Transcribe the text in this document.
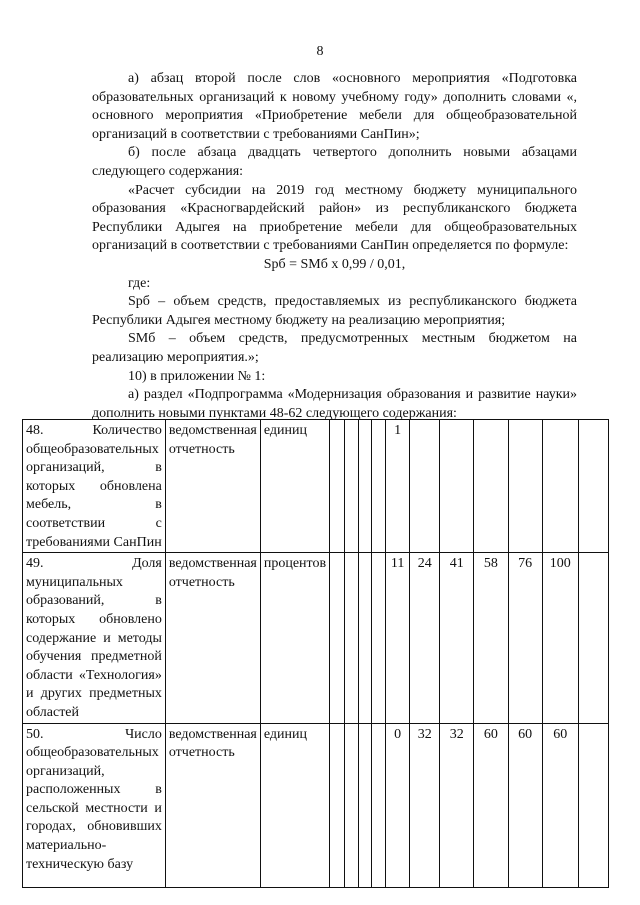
8

а) абзац второй после слов «основного мероприятия «Подготовка образовательных организаций к новому учебному году» дополнить словами «, основного мероприятия «Приобретение мебели для общеобразовательной организаций в соответствии с требованиями СанПин»;

б) после абзаца двадцать четвертого дополнить новыми абзацами следующего содержания:

«Расчет субсидии на 2019 год местному бюджету муниципального образования «Красногвардейский район» из республиканского бюджета Республики Адыгея на приобретение мебели для общеобразовательных организаций в соответствии с требованиями СанПин определяется по формуле:

Sрб = SМб х 0,99 / 0,01,

где:

Sрб – объем средств, предоставляемых из республиканского бюджета Республики Адыгея местному бюджету на реализацию мероприятия;

SМб – объем средств, предусмотренных местным бюджетом на реализацию мероприятия.»;

10) в приложении № 1:

а) раздел «Подпрограмма «Модернизация образования и развитие науки» дополнить новыми пунктами 48-62 следующего содержания:

48. Количество общеобразовательных организаций, в которых обновлена мебель, в соответствии с требованиями СанПин	ведомственная отчетность	единиц					1						
49. Доля муниципальных образований, в которых обновлено содержание и методы обучения предметной области «Технология» и других предметных областей	ведомственная отчетность	процентов					11	24	41	58	76	100	
50. Число общеобразовательных организаций, расположенных в сельской местности и городах, обновивших материально-техническую базу	ведомственная отчетность	единиц					0	32	32	60	60	60	
